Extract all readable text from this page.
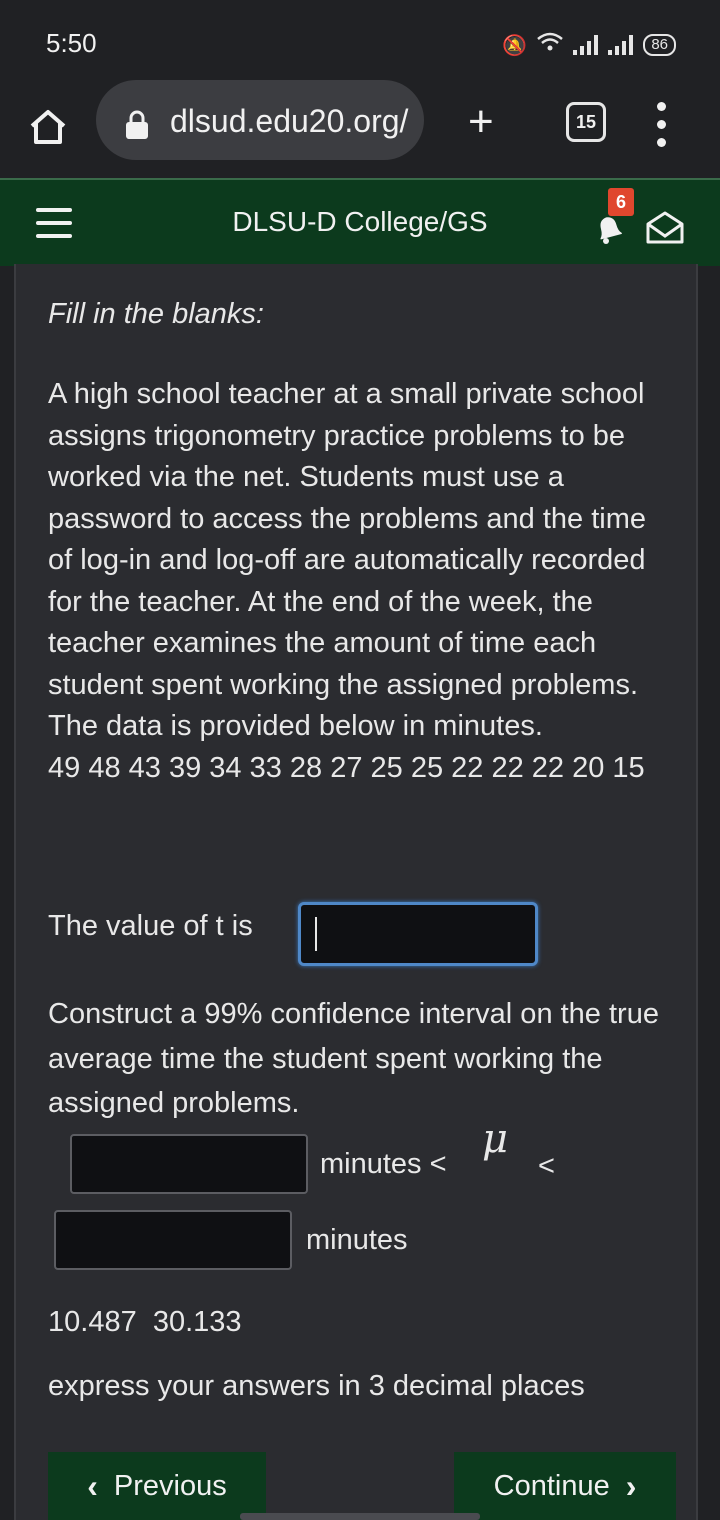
5:50	🔕	86
dlsud.edu20.org/ +	15
DLSU-D College/GS
6
Fill in the blanks:
A high school teacher at a small private school assigns trigonometry practice problems to be worked via the net. Students must use a password to access the problems and the time of log-in and log-off are automatically recorded for the teacher. At the end of the week, the teacher examines the amount of time each student spent working the assigned problems. The data is provided below in minutes.
49 48 43 39 34 33 28 27 25 25 22 22 22 20 15
The value of t is
Construct a 99% confidence interval on the true average time the student spent working the assigned problems.
minutes <
μ
<
minutes
10.487  30.133
express your answers in 3 decimal places
‹ Previous	Continue ›
